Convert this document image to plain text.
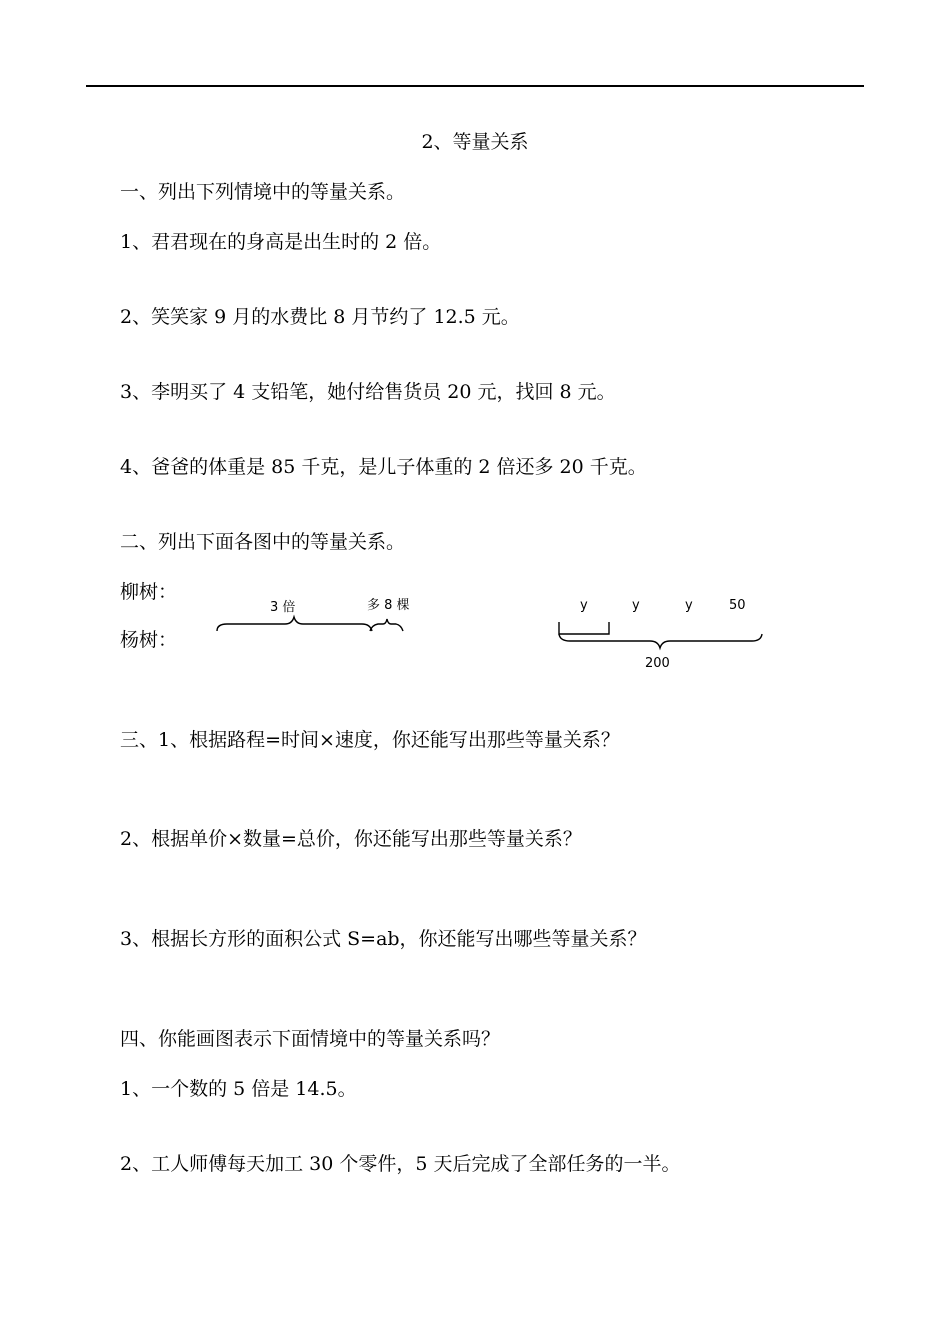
2、等量关系
一、列出下列情境中的等量关系。
1、君君现在的身高是出生时的 2 倍。
2、笑笑家 9 月的水费比 8 月节约了 12.5 元。
3、李明买了 4 支铅笔，她付给售货员 20 元，找回 8 元。
4、爸爸的体重是 85 千克，是儿子体重的 2 倍还多 20 千克。
二、列出下面各图中的等量关系。
柳树：
杨树：
3 倍	多 8 棵	y	y	y	50
200
三、1、根据路程=时间×速度，你还能写出那些等量关系？
2、根据单价×数量=总价，你还能写出那些等量关系？
3、根据长方形的面积公式 S=ab，你还能写出哪些等量关系？
四、你能画图表示下面情境中的等量关系吗？
1、一个数的 5 倍是 14.5。
2、工人师傅每天加工 30 个零件，5 天后完成了全部任务的一半。
